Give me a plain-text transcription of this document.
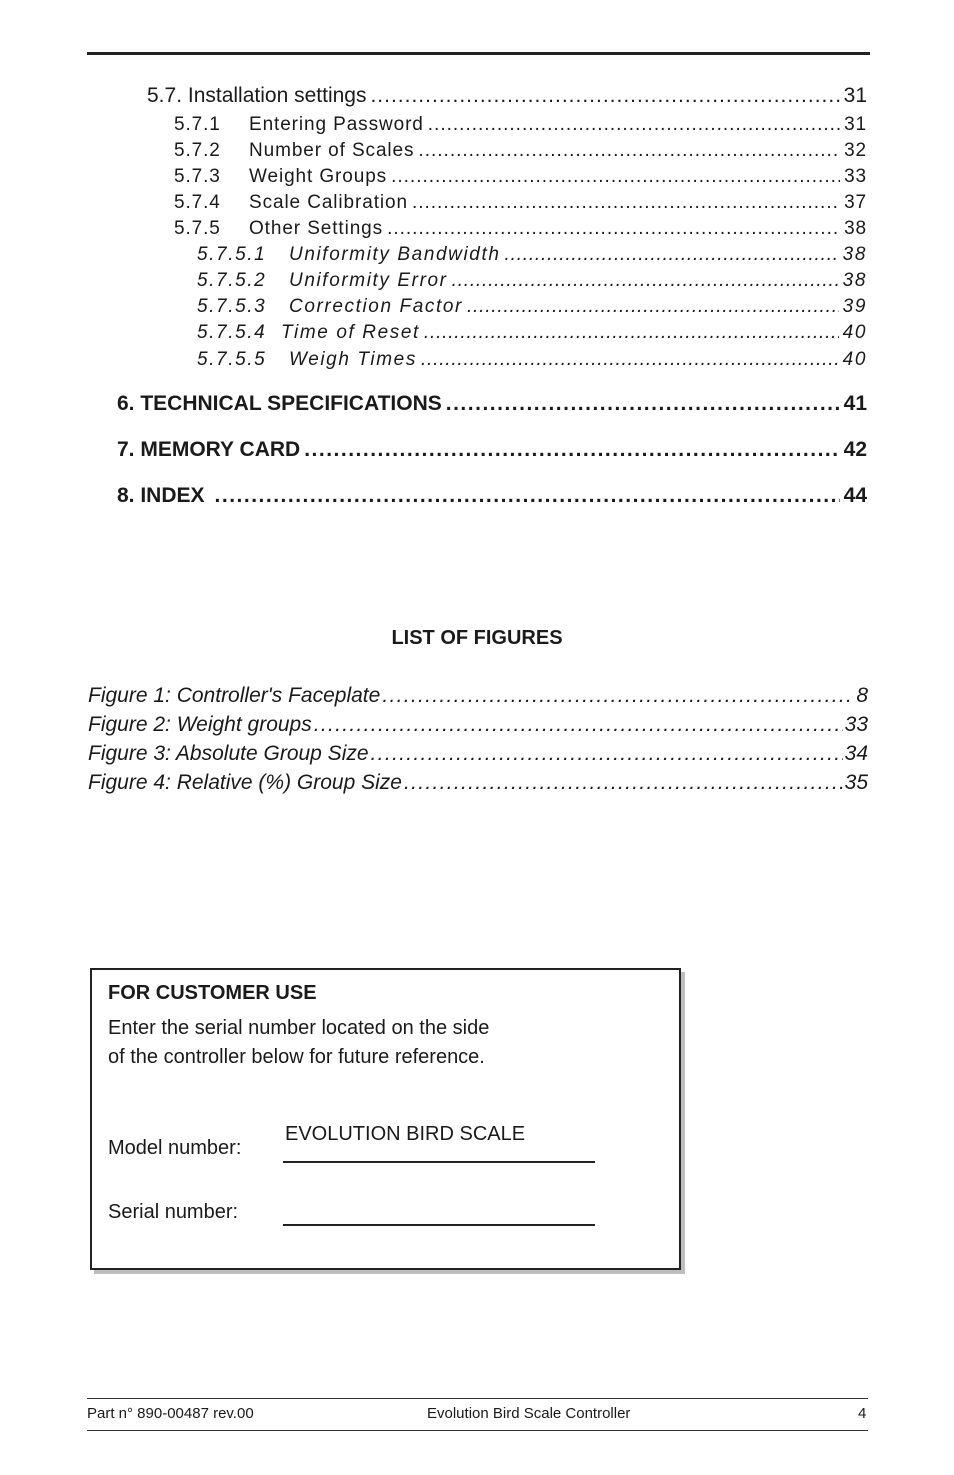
5.7. Installation settings .....	31
5.7.1 Entering Password .....	31
5.7.2 Number of Scales .....	32
5.7.3 Weight Groups .....	33
5.7.4 Scale Calibration .....	37
5.7.5 Other Settings .....	38
5.7.5.1 Uniformity Bandwidth .....	38
5.7.5.2 Uniformity Error .....	38
5.7.5.3 Correction Factor .....	39
5.7.5.4 Time of Reset .....	40
5.7.5.5 Weigh Times .....	40
6. TECHNICAL SPECIFICATIONS .....	41
7. MEMORY CARD .....	42
8. INDEX .....	44
LIST OF FIGURES
Figure 1: Controller's Faceplate .....	8
Figure 2: Weight groups .....	33
Figure 3: Absolute Group Size .....	34
Figure 4: Relative (%) Group Size .....	35
FOR CUSTOMER USE
Enter the serial number located on the side
of the controller below for future reference.
Model number:
EVOLUTION BIRD SCALE
Serial number:
Part n° 890-00487 rev.00	Evolution Bird Scale Controller	4
